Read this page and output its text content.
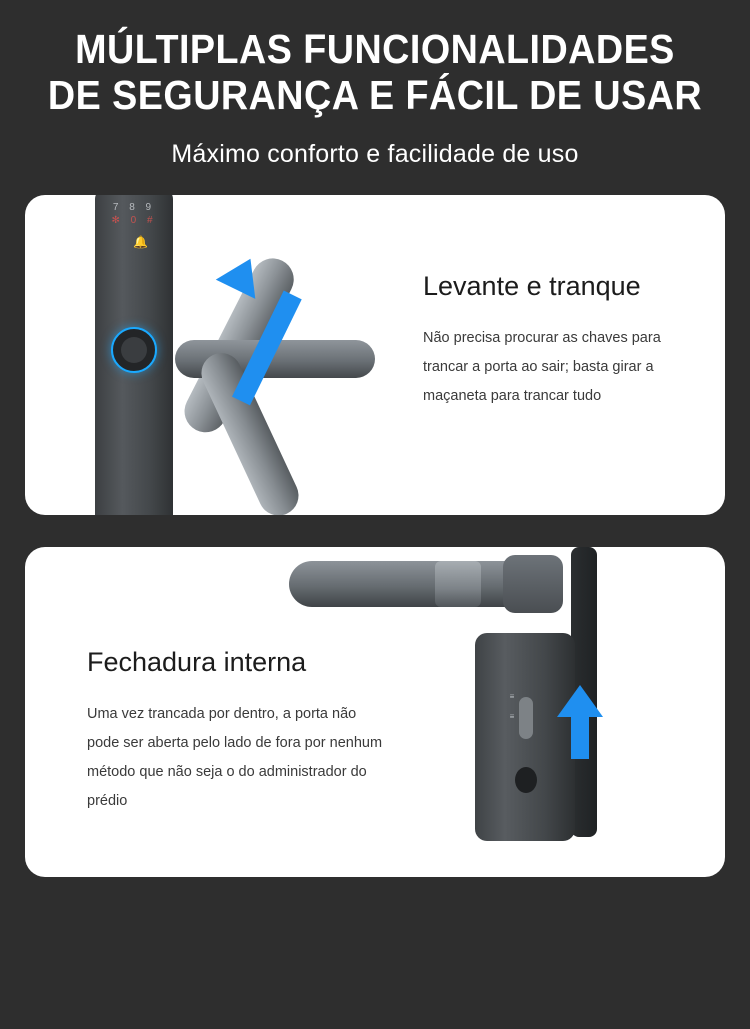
MÚLTIPLAS FUNCIONALIDADES
DE SEGURANÇA E FÁCIL DE USAR
Máximo conforto e facilidade de uso
7 8 9
✻ 0 #
🔔
Levante e tranque

Não precisa procurar as chaves para trancar a porta ao sair; basta girar a maçaneta para trancar tudo

≡ ≡
Fechadura interna

Uma vez trancada por dentro, a porta não pode ser aberta pelo lado de fora por nenhum método que não seja o do administrador do prédio
